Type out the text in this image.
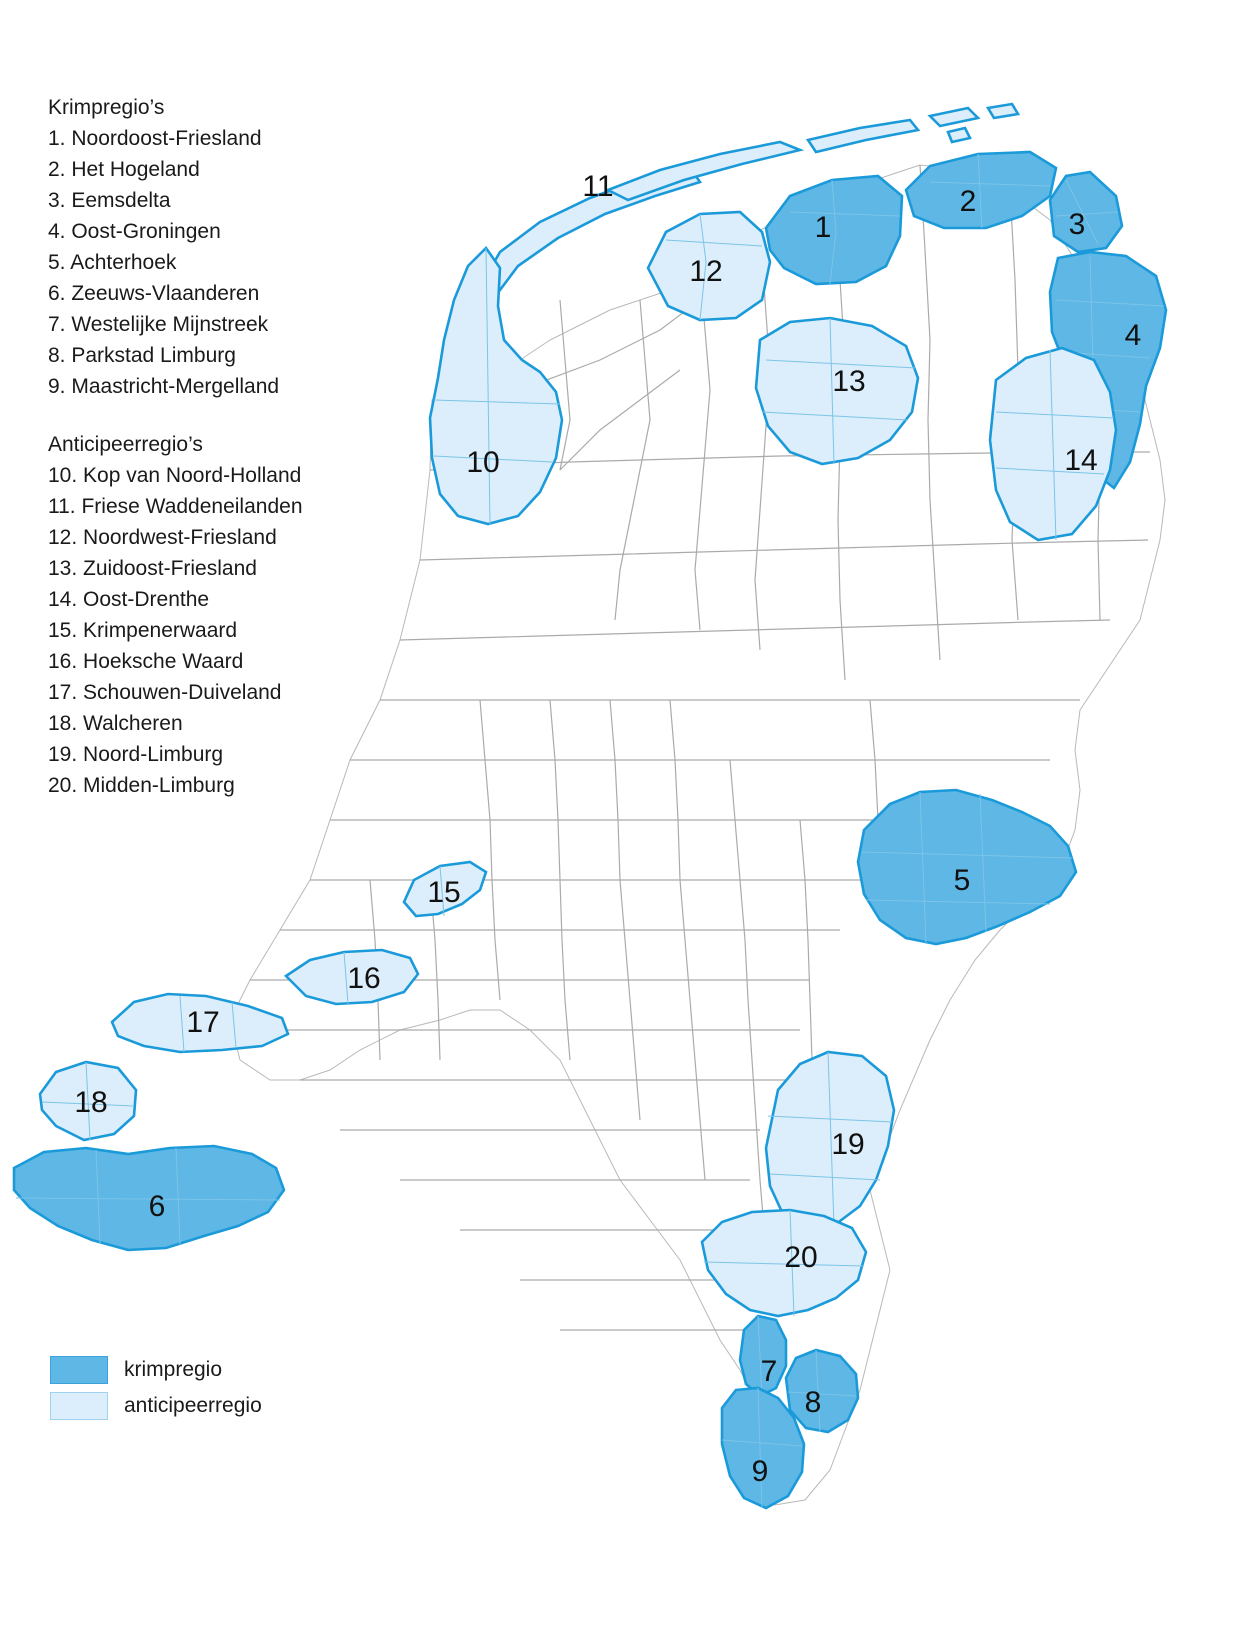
1
2
3
4
5
6
7
8
9
10
11
12
13
14
15
16
17
18
19
20
Krimpregio’s
1. Noordoost-Friesland
2. Het Hogeland
3. Eemsdelta
4. Oost-Groningen
5. Achterhoek
6. Zeeuws-Vlaanderen
7. Westelijke Mijnstreek
8. Parkstad Limburg
9. Maastricht-Mergelland
Anticipeerregio’s
10. Kop van Noord-Holland
11. Friese Waddeneilanden
12. Noordwest-Friesland
13. Zuidoost-Friesland
14. Oost-Drenthe
15. Krimpenerwaard
16. Hoeksche Waard
17. Schouwen-Duiveland
18. Walcheren
19. Noord-Limburg
20. Midden-Limburg
krimpregio
anticipeerregio
